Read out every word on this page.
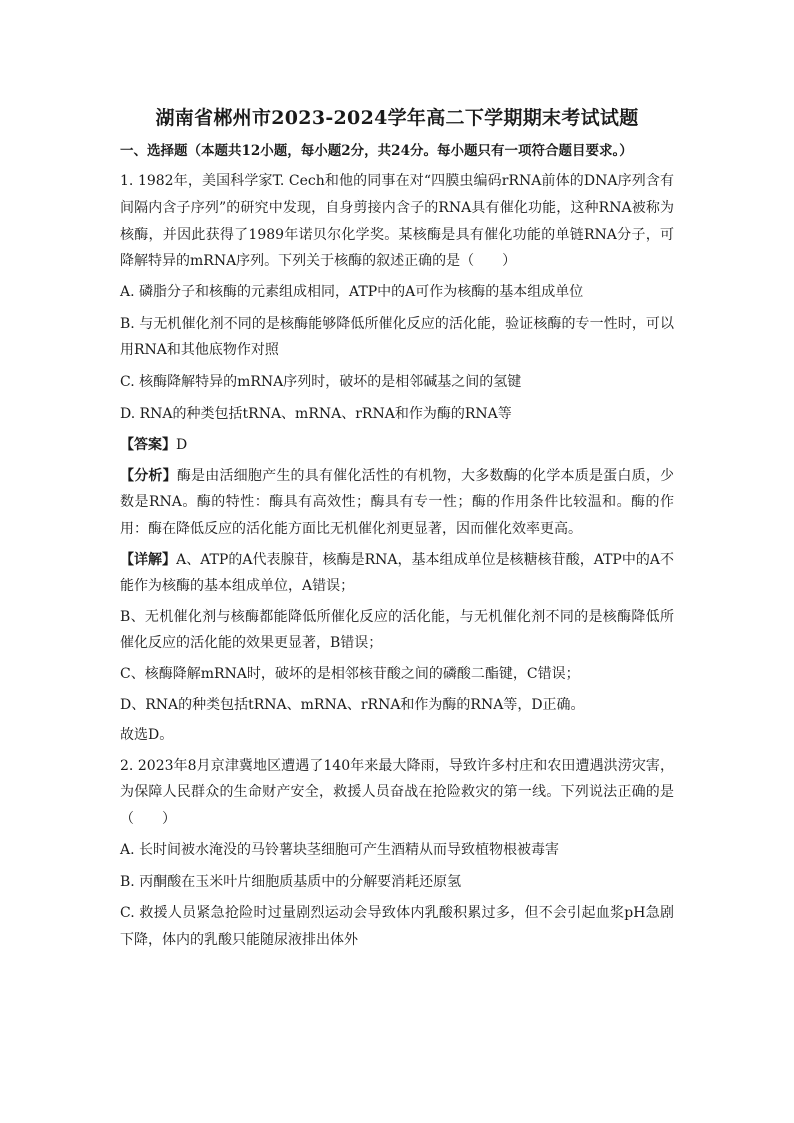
湖南省郴州市2023-2024学年高二下学期期末考试试题
一、选择题（本题共12小题，每小题2分，共24分。每小题只有一项符合题目要求。）
1. 1982年，美国科学家T. Cech和他的同事在对“四膜虫编码rRNA前体的DNA序列含有间隔内含子序列”的研究中发现，自身剪接内含子的RNA具有催化功能，这种RNA被称为核酶，并因此获得了1989年诺贝尔化学奖。某核酶是具有催化功能的单链RNA分子，可降解特异的mRNA序列。下列关于核酶的叙述正确的是（　　）
A. 磷脂分子和核酶的元素组成相同，ATP中的A可作为核酶的基本组成单位
B. 与无机催化剂不同的是核酶能够降低所催化反应的活化能，验证核酶的专一性时，可以用RNA和其他底物作对照
C. 核酶降解特异的mRNA序列时，破坏的是相邻碱基之间的氢键
D. RNA的种类包括tRNA、mRNA、rRNA和作为酶的RNA等
【答案】D
【分析】酶是由活细胞产生的具有催化活性的有机物，大多数酶的化学本质是蛋白质，少数是RNA。酶的特性：酶具有高效性；酶具有专一性；酶的作用条件比较温和。酶的作用：酶在降低反应的活化能方面比无机催化剂更显著，因而催化效率更高。
【详解】A、ATP的A代表腺苷，核酶是RNA，基本组成单位是核糖核苷酸，ATP中的A不能作为核酶的基本组成单位，A错误；
B、无机催化剂与核酶都能降低所催化反应的活化能，与无机催化剂不同的是核酶降低所催化反应的活化能的效果更显著，B错误；
C、核酶降解mRNA时，破坏的是相邻核苷酸之间的磷酸二酯键，C错误；
D、RNA的种类包括tRNA、mRNA、rRNA和作为酶的RNA等，D正确。
故选D。
2. 2023年8月京津冀地区遭遇了140年来最大降雨，导致许多村庄和农田遭遇洪涝灾害，为保障人民群众的生命财产安全，救援人员奋战在抢险救灾的第一线。下列说法正确的是（　　）
A. 长时间被水淹没的马铃薯块茎细胞可产生酒精从而导致植物根被毒害
B. 丙酮酸在玉米叶片细胞质基质中的分解要消耗还原氢
C. 救援人员紧急抢险时过量剧烈运动会导致体内乳酸积累过多，但不会引起血浆pH急剧下降，体内的乳酸只能随尿液排出体外
